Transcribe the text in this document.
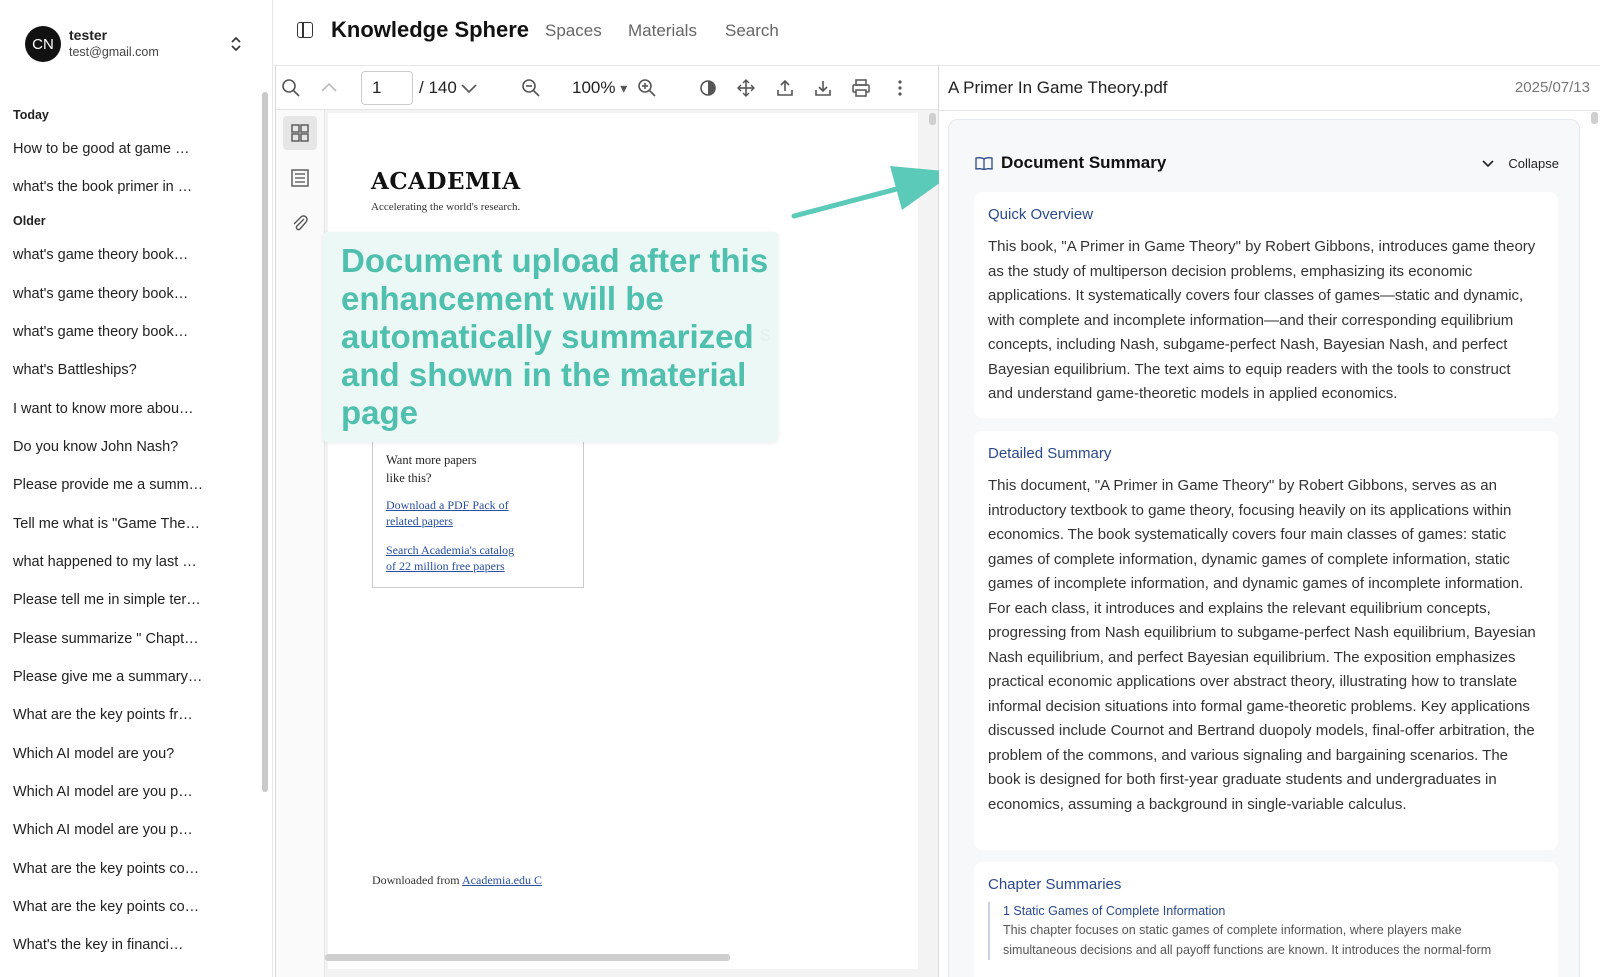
CN
tester
test@gmail.com
Today
How to be good at game …
what's the book primer in …
Older
what's game theory book…
what's game theory book…
what's game theory book…
what's Battleships?
I want to know more abou…
Do you know John Nash?
Please provide me a summ…
Tell me what is "Game The…
what happened to my last …
Please tell me in simple ter…
Please summarize " Chapt…
Please give me a summary…
What are the key points fr…
Which AI model are you?
Which AI model are you p…
Which AI model are you p…
What are the key points co…
What are the key points co…
What's the key in financi…
Knowledge Sphere Spaces Materials Search
1	/ 140	100% ▾
ACADEMIA
Accelerating the world's research.
Want more papers like this?
Download a PDF Pack of related papers
Search Academia's catalog of 22 million free papers
Downloaded from Academia.edu C
Document upload after this enhancement will be automatically summarized and shown in the material page
A Primer In Game Theory.pdf	2025/07/13
Document Summary	Collapse
Quick Overview
This book, "A Primer in Game Theory" by Robert Gibbons, introduces game theory as the study of multiperson decision problems, emphasizing its economic applications. It systematically covers four classes of games—static and dynamic, with complete and incomplete information—and their corresponding equilibrium concepts, including Nash, subgame-perfect Nash, Bayesian Nash, and perfect Bayesian equilibrium. The text aims to equip readers with the tools to construct and understand game-theoretic models in applied economics.
Detailed Summary
This document, "A Primer in Game Theory" by Robert Gibbons, serves as an introductory textbook to game theory, focusing heavily on its applications within economics. The book systematically covers four main classes of games: static games of complete information, dynamic games of complete information, static games of incomplete information, and dynamic games of incomplete information. For each class, it introduces and explains the relevant equilibrium concepts, progressing from Nash equilibrium to subgame-perfect Nash equilibrium, Bayesian Nash equilibrium, and perfect Bayesian equilibrium. The exposition emphasizes practical economic applications over abstract theory, illustrating how to translate informal decision situations into formal game-theoretic problems. Key applications discussed include Cournot and Bertrand duopoly models, final-offer arbitration, the problem of the commons, and various signaling and bargaining scenarios. The book is designed for both first-year graduate students and undergraduates in economics, assuming a background in single-variable calculus.
Chapter Summaries
1 Static Games of Complete Information
This chapter focuses on static games of complete information, where players make simultaneous decisions and all payoff functions are known. It introduces the normal-form
